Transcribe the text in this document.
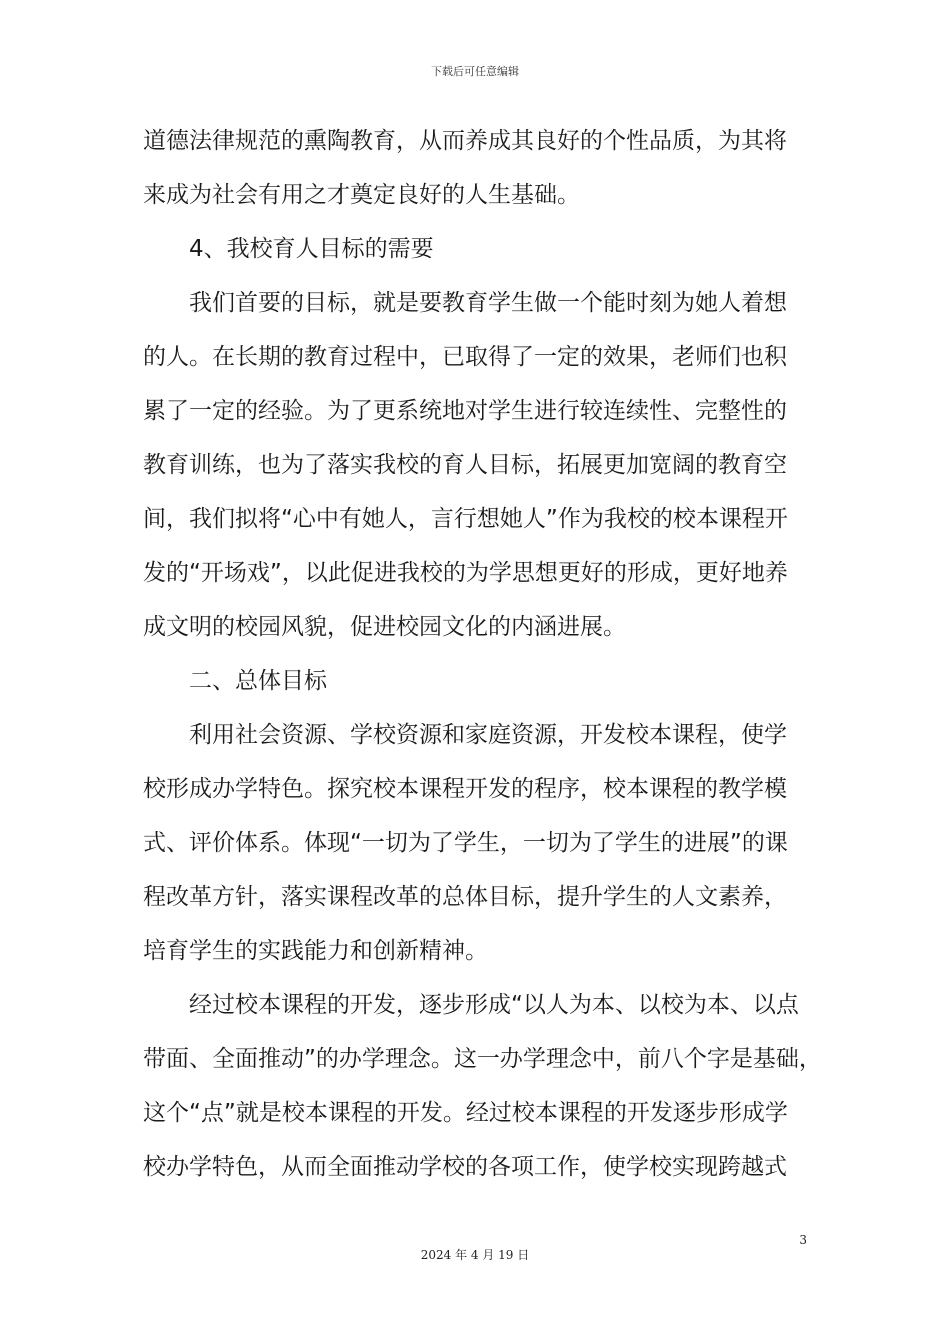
下载后可任意编辑
道德法律规范的熏陶教育，从而养成其良好的个性品质，为其将
来成为社会有用之才奠定良好的人生基础。
4、我校育人目标的需要
我们首要的目标，就是要教育学生做一个能时刻为她人着想
的人。在长期的教育过程中，已取得了一定的效果，老师们也积
累了一定的经验。为了更系统地对学生进行较连续性、完整性的
教育训练，也为了落实我校的育人目标，拓展更加宽阔的教育空
间，我们拟将“心中有她人，言行想她人”作为我校的校本课程开
发的“开场戏”，以此促进我校的为学思想更好的形成，更好地养
成文明的校园风貌，促进校园文化的内涵进展。
二、总体目标
利用社会资源、学校资源和家庭资源，开发校本课程，使学
校形成办学特色。探究校本课程开发的程序，校本课程的教学模
式、评价体系。体现“一切为了学生，一切为了学生的进展”的课
程改革方针，落实课程改革的总体目标，提升学生的人文素养，
培育学生的实践能力和创新精神。
经过校本课程的开发，逐步形成“以人为本、以校为本、以点
带面、全面推动”的办学理念。这一办学理念中，前八个字是基础，
这个“点”就是校本课程的开发。经过校本课程的开发逐步形成学
校办学特色，从而全面推动学校的各项工作，使学校实现跨越式
3
2024 年 4 月 19 日
